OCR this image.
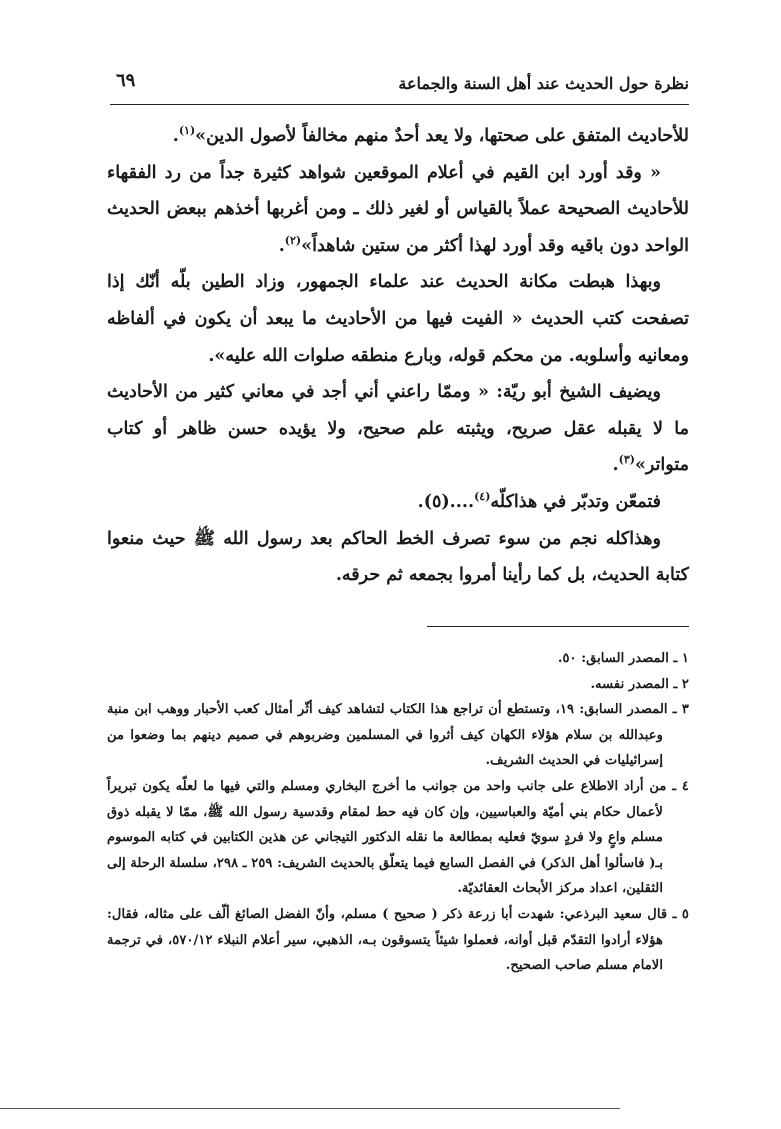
نظرة حول الحديث عند أهل السنة والجماعة
٦٩

للأحاديث المتفق على صحتها، ولا يعد أحدٌ منهم مخالفاً لأصول الدين»$^{(١)}$.

« وقد أورد ابن القيم في أعلام الموقعين شواهد كثيرة جداً من رد الفقهاء للأحاديث الصحيحة عملاً بالقياس أو لغير ذلك ـ ومن أغربها أخذهم ببعض الحديث الواحد دون باقيه وقد أورد لهذا أكثر من ستين شاهداً»$^{(٢)}$.

وبهذا هبطت مكانة الحديث عند علماء الجمهور، وزاد الطين بلّه أنّك إذا تصفحت كتب الحديث « الفيت فيها من الأحاديث ما يبعد أن يكون في ألفاظه ومعانيه وأسلوبه. من محكم قوله، وبارع منطقه صلوات الله عليه».

ويضيف الشيخ أبو ريّة: « وممّا راعني أني أجد في معاني كثير من الأحاديث ما لا يقبله عقل صريح، ويثبته علم صحيح، ولا يؤيده حسن ظاهر أو كتاب متواتر»$^{(٣)}$.

فتمعّن وتدبّر في هذاكلّه$^{(٤)}$....(٥).

وهذاكله نجم من سوء تصرف الخط الحاكم بعد رسول الله ﷺ حيث منعوا كتابة الحديث، بل كما رأينا أمروا بجمعه ثم حرقه.

١ ـ المصدر السابق: ٥٠.

٢ ـ المصدر نفسه.

٣ ـ المصدر السابق: ١٩، وتستطع أن تراجع هذا الكتاب لتشاهد كيف أثّر أمثال كعب الأحبار ووهب ابن منبة وعبدالله بن سلام هؤلاء الكهان كيف أثروا في المسلمين وضربوهم في صميم دينهم بما وضعوا من إسرائيليات في الحديث الشريف.

٤ ـ من أراد الاطلاع على جانب واحد من جوانب ما أخرج البخاري ومسلم والتي فيها ما لعلّه يكون تبريراً لأعمال حكام بني أميّة والعباسيين، وإن كان فيه حط لمقام وقدسية رسول الله ﷺ، ممّا لا يقبله ذوق مسلم واعٍ ولا فردٍ سويّ فعليه بمطالعة ما نقله الدكتور التيجاني عن هذين الكتابين في كتابه الموسوم بـ( فاسألوا أهل الذكر) في الفصل السابع فيما يتعلّق بالحديث الشريف: ٢٥٩ ـ ٢٩٨، سلسلة الرحلة إلى الثقلين، اعداد مركز الأبحاث العقائديّة.

٥ ـ قال سعيد البرذعي: شهدت أبا زرعة ذكر ( صحيح ) مسلم، وأنّ الفضل الصائغ ألّف على مثاله، فقال: هؤلاء أرادوا التقدّم قبل أوانه، فعملوا شيئاً يتسوقون بـه، الذهبي، سير أعلام النبلاء ٥٧٠/١٢، في ترجمة الامام مسلم صاحب الصحيح.
